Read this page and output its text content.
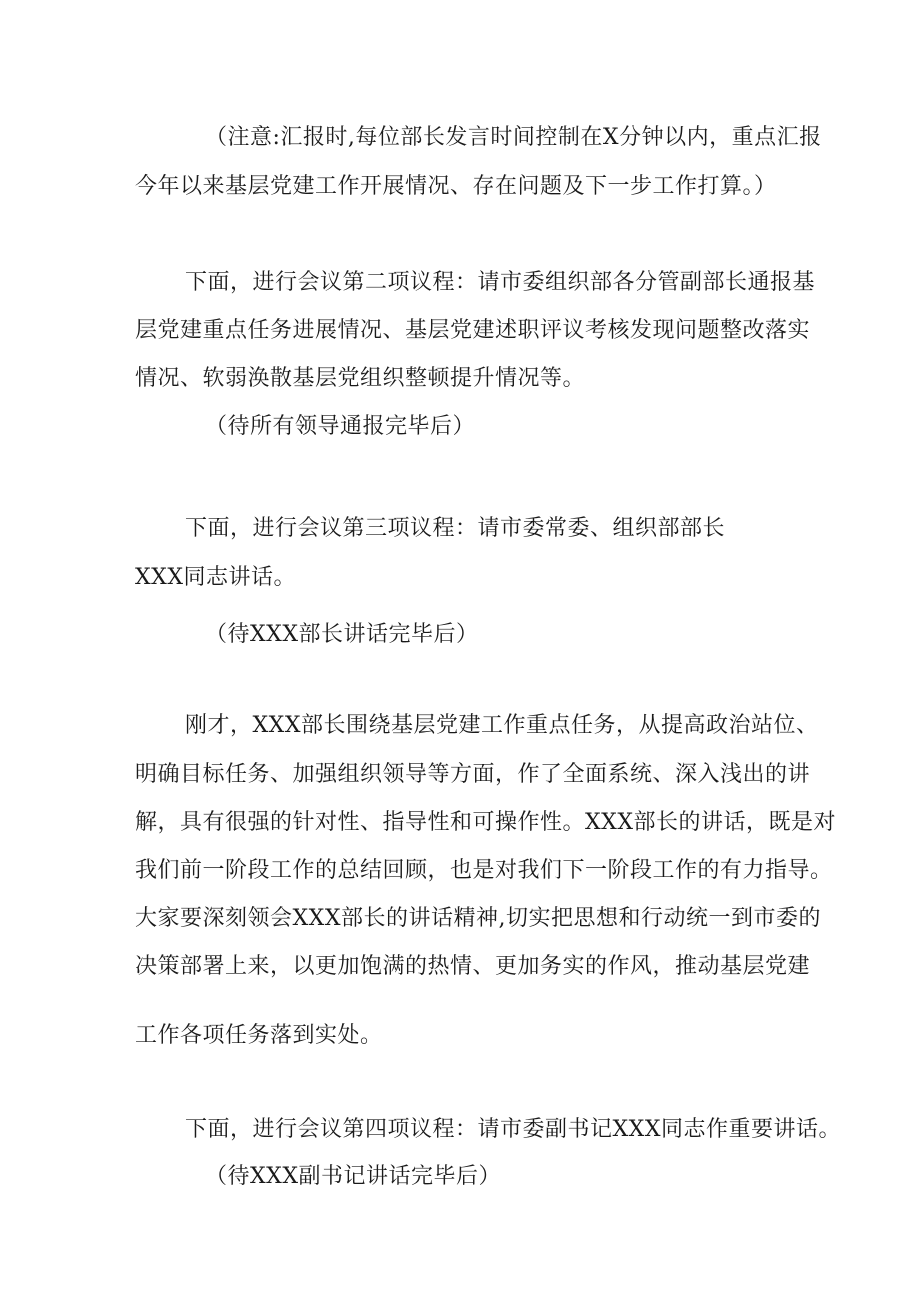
（注意:汇报时,每位部长发言时间控制在X分钟以内，重点汇报
今年以来基层党建工作开展情况、存在问题及下一步工作打算。）
下面，进行会议第二项议程：请市委组织部各分管副部长通报基
层党建重点任务进展情况、基层党建述职评议考核发现问题整改落实
情况、软弱涣散基层党组织整顿提升情况等。
（待所有领导通报完毕后）
下面，进行会议第三项议程：请市委常委、组织部部长
XXX同志讲话。
（待XXX部长讲话完毕后）
刚才，XXX部长围绕基层党建工作重点任务，从提高政治站位、
明确目标任务、加强组织领导等方面，作了全面系统、深入浅出的讲
解，具有很强的针对性、指导性和可操作性。XXX部长的讲话，既是对
我们前一阶段工作的总结回顾，也是对我们下一阶段工作的有力指导。
大家要深刻领会XXX部长的讲话精神,切实把思想和行动统一到市委的
决策部署上来，以更加饱满的热情、更加务实的作风，推动基层党建
工作各项任务落到实处。
下面，进行会议第四项议程：请市委副书记XXX同志作重要讲话。
（待XXX副书记讲话完毕后）
